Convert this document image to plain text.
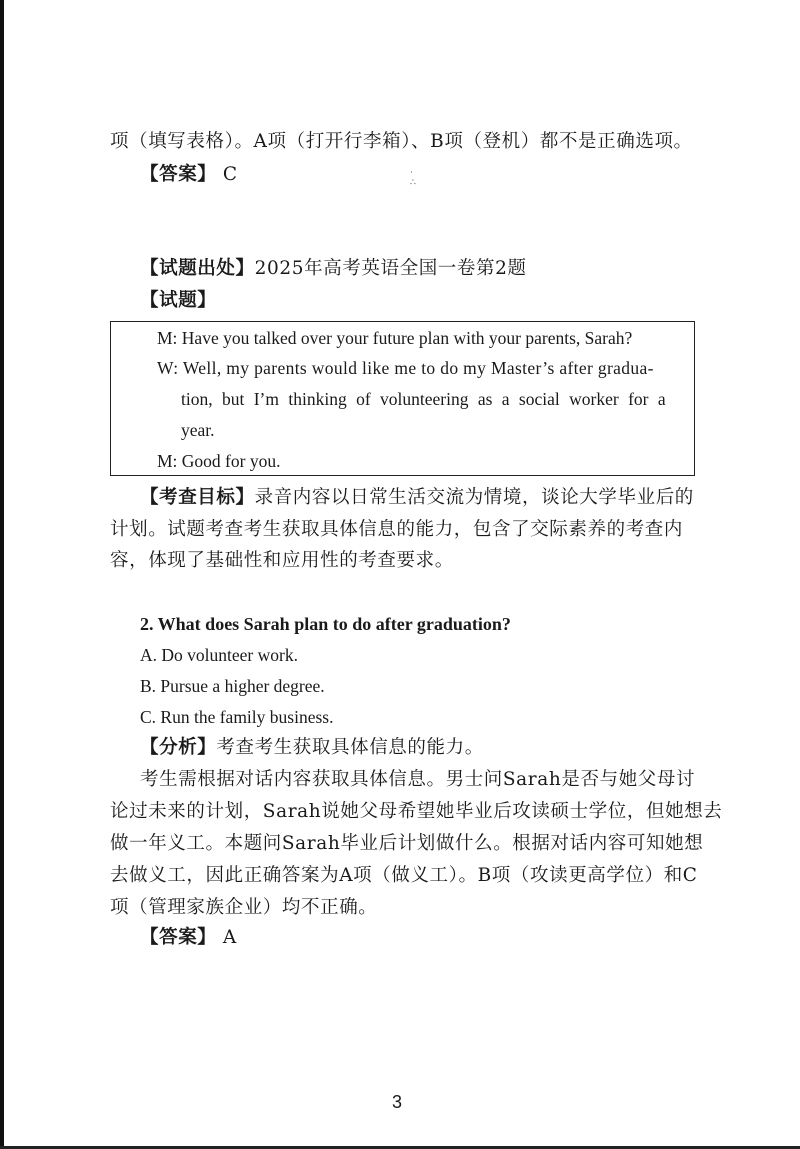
·
∴
项（填写表格）。A项（打开行李箱）、B项（登机）都不是正确选项。
【答案】 C
【试题出处】2025年高考英语全国一卷第2题
【试题】
M: Have you talked over your future plan with your parents, Sarah?
W: Well, my parents would like me to do my Master’s after gradua-
tion, but I’m thinking of volunteering as a social worker for a
year.
M: Good for you.
【考查目标】录音内容以日常生活交流为情境，谈论大学毕业后的
计划。试题考查考生获取具体信息的能力，包含了交际素养的考查内
容，体现了基础性和应用性的考查要求。
2. What does Sarah plan to do after graduation?
A. Do volunteer work.
B. Pursue a higher degree.
C. Run the family business.
【分析】考查考生获取具体信息的能力。
考生需根据对话内容获取具体信息。男士问Sarah是否与她父母讨
论过未来的计划，Sarah说她父母希望她毕业后攻读硕士学位，但她想去
做一年义工。本题问Sarah毕业后计划做什么。根据对话内容可知她想
去做义工，因此正确答案为A项（做义工）。B项（攻读更高学位）和C
项（管理家族企业）均不正确。
【答案】 A
3
